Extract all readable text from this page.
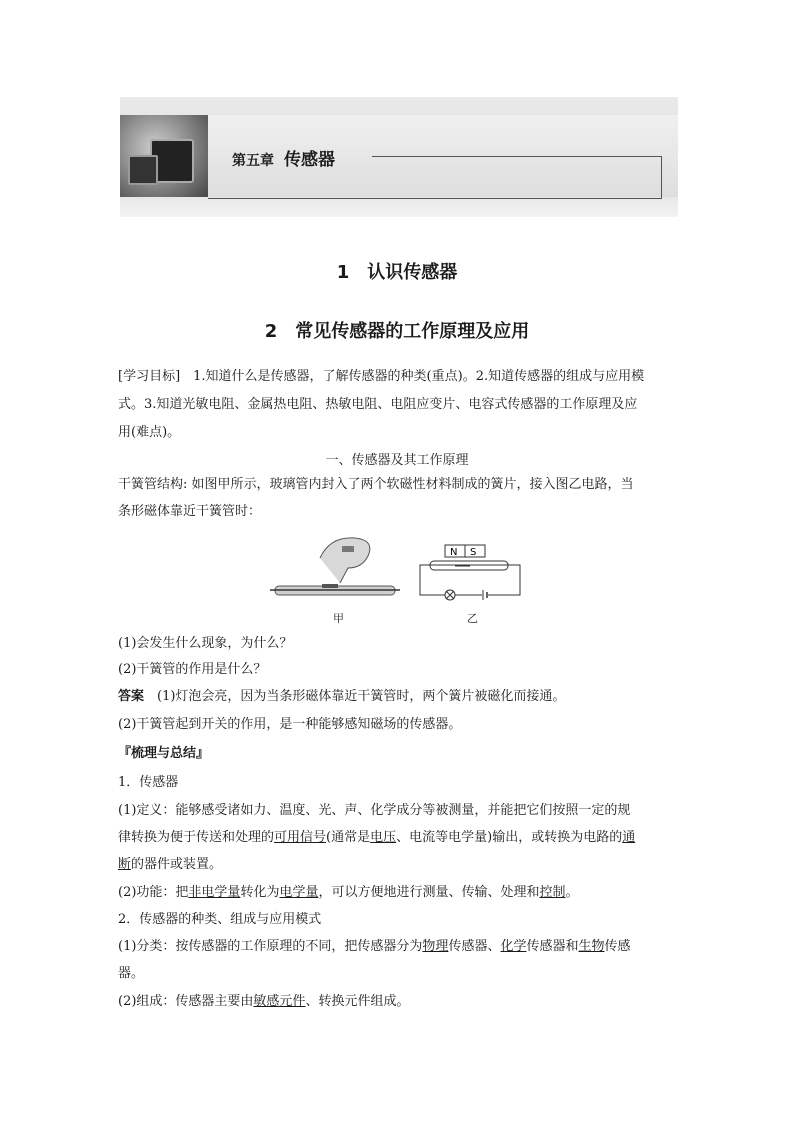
第五章 传感器
1　认识传感器
2　常见传感器的工作原理及应用

[学习目标]　1.知道什么是传感器，了解传感器的种类(重点)。2.知道传感器的组成与应用模

式。3.知道光敏电阻、金属热电阻、热敏电阻、电阻应变片、电容式传感器的工作原理及应

用(难点)。

一、传感器及其工作原理

干簧管结构: 如图甲所示，玻璃管内封入了两个软磁性材料制成的簧片，接入图乙电路，当

条形磁体靠近干簧管时：

N S
甲	乙

(1)会发生什么现象，为什么？

(2)干簧管的作用是什么？

答案　(1)灯泡会亮，因为当条形磁体靠近干簧管时，两个簧片被磁化而接通。

(2)干簧管起到开关的作用，是一种能够感知磁场的传感器。

『梳理与总结』

1．传感器

(1)定义：能够感受诸如力、温度、光、声、化学成分等被测量，并能把它们按照一定的规

律转换为便于传送和处理的可用信号(通常是电压、电流等电学量)输出，或转换为电路的通

断的器件或装置。

(2)功能：把非电学量转化为电学量，可以方便地进行测量、传输、处理和控制。

2．传感器的种类、组成与应用模式

(1)分类：按传感器的工作原理的不同，把传感器分为物理传感器、化学传感器和生物传感

器。

(2)组成：传感器主要由敏感元件、转换元件组成。
